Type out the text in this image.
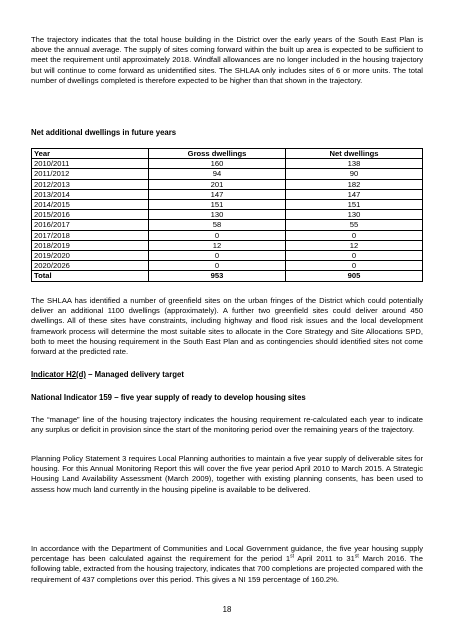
The trajectory indicates that the total house building in the District over the early years of the South East Plan is above the annual average. The supply of sites coming forward within the built up area is expected to be sufficient to meet the requirement until approximately 2018. Windfall allowances are no longer included in the housing trajectory but will continue to come forward as unidentified sites. The SHLAA only includes sites of 6 or more units. The total number of dwellings completed is therefore expected to be higher than that shown in the trajectory.

Net additional dwellings in future years

Year	Gross dwellings	Net dwellings
2010/2011	160	138
2011/2012	94	90
2012/2013	201	182
2013/2014	147	147
2014/2015	151	151
2015/2016	130	130
2016/2017	58	55
2017/2018	0	0
2018/2019	12	12
2019/2020	0	0
2020/2026	0	0
Total	953	905

The SHLAA has identified a number of greenfield sites on the urban fringes of the District which could potentially deliver an additional 1100 dwellings (approximately). A further two greenfield sites could deliver around 450 dwellings. All of these sites have constraints, including highway and flood risk issues and the local development framework process will determine the most suitable sites to allocate in the Core Strategy and Site Allocations SPD, both to meet the housing requirement in the South East Plan and as contingencies should identified sites not come forward at the predicted rate.

Indicator H2(d) – Managed delivery target

National Indicator 159 – five year supply of ready to develop housing sites

The “manage” line of the housing trajectory indicates the housing requirement re-calculated each year to indicate any surplus or deficit in provision since the start of the monitoring period over the remaining years of the trajectory.

Planning Policy Statement 3 requires Local Planning authorities to maintain a five year supply of deliverable sites for housing. For this Annual Monitoring Report this will cover the five year period April 2010 to March 2015. A Strategic Housing Land Availability Assessment (March 2009), together with existing planning consents, has been used to assess how much land currently in the housing pipeline is available to be delivered.

In accordance with the Department of Communities and Local Government guidance, the five year housing supply percentage has been calculated against the requirement for the period 1st April 2011 to 31st March 2016. The following table, extracted from the housing trajectory, indicates that 700 completions are projected compared with the requirement of 437 completions over this period. This gives a NI 159 percentage of 160.2%.

18
